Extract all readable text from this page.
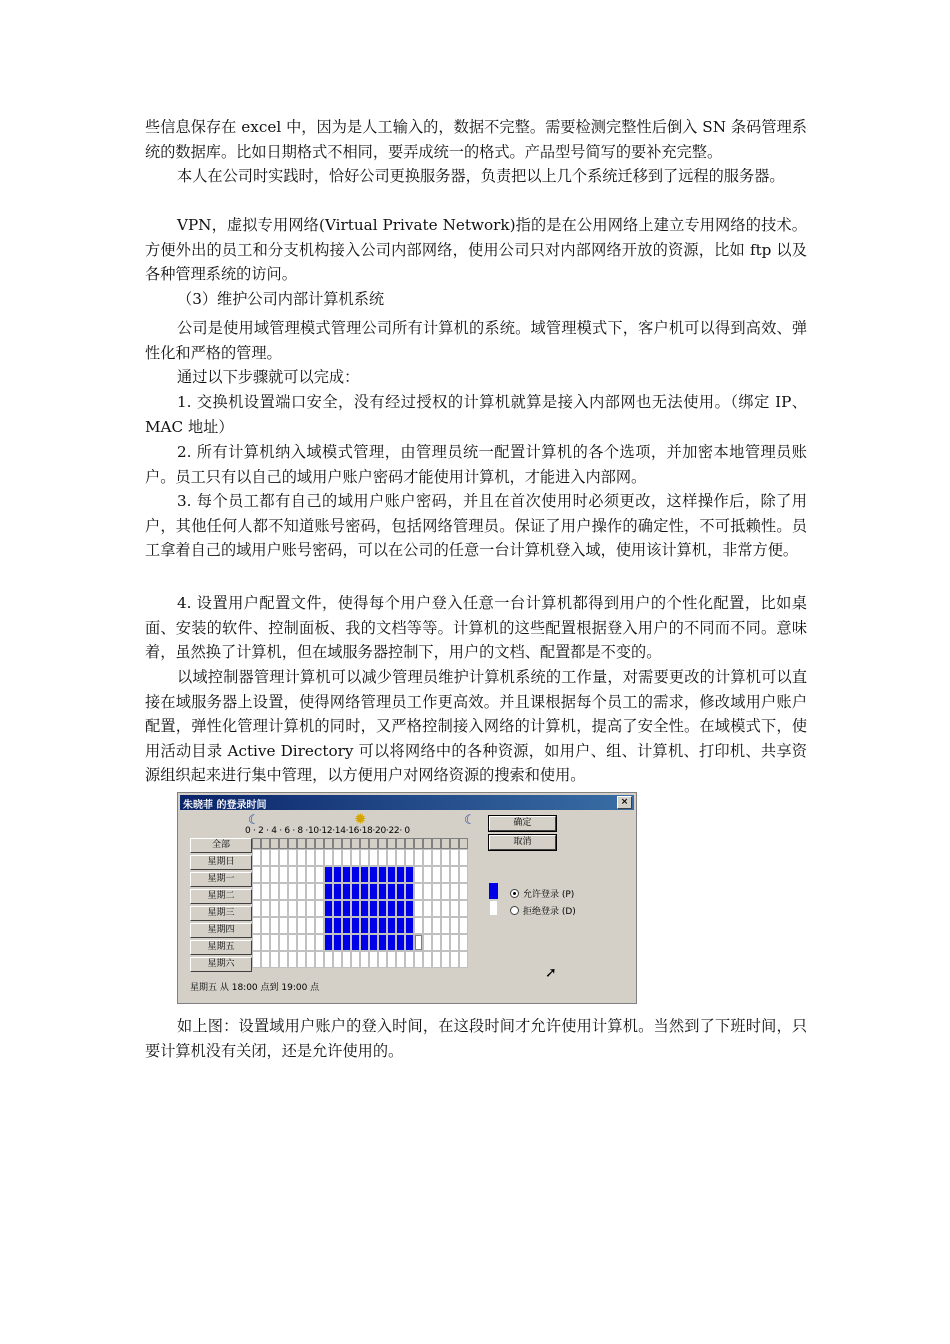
些信息保存在 excel 中，因为是人工输入的，数据不完整。需要检测完整性后倒入 SN 条码管理系统的数据库。比如日期格式不相同，要弄成统一的格式。产品型号简写的要补充完整。

本人在公司时实践时，恰好公司更换服务器，负责把以上几个系统迁移到了远程的服务器。

VPN，虚拟专用网络(Virtual Private Network)指的是在公用网络上建立专用网络的技术。方便外出的员工和分支机构接入公司内部网络，使用公司只对内部网络开放的资源，比如 ftp 以及各种管理系统的访问。

（3）维护公司内部计算机系统

公司是使用域管理模式管理公司所有计算机的系统。域管理模式下，客户机可以得到高效、弹性化和严格的管理。

通过以下步骤就可以完成：

1. 交换机设置端口安全，没有经过授权的计算机就算是接入内部网也无法使用。（绑定 IP、MAC 地址）

2. 所有计算机纳入域模式管理，由管理员统一配置计算机的各个选项，并加密本地管理员账户。员工只有以自己的域用户账户密码才能使用计算机，才能进入内部网。

3. 每个员工都有自己的域用户账户密码，并且在首次使用时必须更改，这样操作后，除了用户，其他任何人都不知道账号密码，包括网络管理员。保证了用户操作的确定性，不可抵赖性。员工拿着自己的域用户账号密码，可以在公司的任意一台计算机登入域，使用该计算机，非常方便。

4. 设置用户配置文件，使得每个用户登入任意一台计算机都得到用户的个性化配置，比如桌面、安装的软件、控制面板、我的文档等等。计算机的这些配置根据登入用户的不同而不同。意味着，虽然换了计算机，但在域服务器控制下，用户的文档、配置都是不变的。

以域控制器管理计算机可以减少管理员维护计算机系统的工作量，对需要更改的计算机可以直接在域服务器上设置，使得网络管理员工作更高效。并且课根据每个员工的需求，修改域用户账户配置，弹性化管理计算机的同时，又严格控制接入网络的计算机，提高了安全性。在域模式下，使用活动目录 Active Directory 可以将网络中的各种资源，如用户、组、计算机、打印机、共享资源组织起来进行集中管理，以方便用户对网络资源的搜索和使用。

朱晓菲 的登录时间	×
☾	✹	☾
0 · 2 · 4 · 6 · 8 ·10·12·14·16·18·20·22· 0
全部
星期日
星期一
星期二
星期三
星期四
星期五
星期六
确定
取消
允许登录 (P)
拒绝登录 (D)
➚
星期五 从 18:00 点到 19:00 点

如上图：设置域用户账户的登入时间，在这段时间才允许使用计算机。当然到了下班时间，只要计算机没有关闭，还是允许使用的。
